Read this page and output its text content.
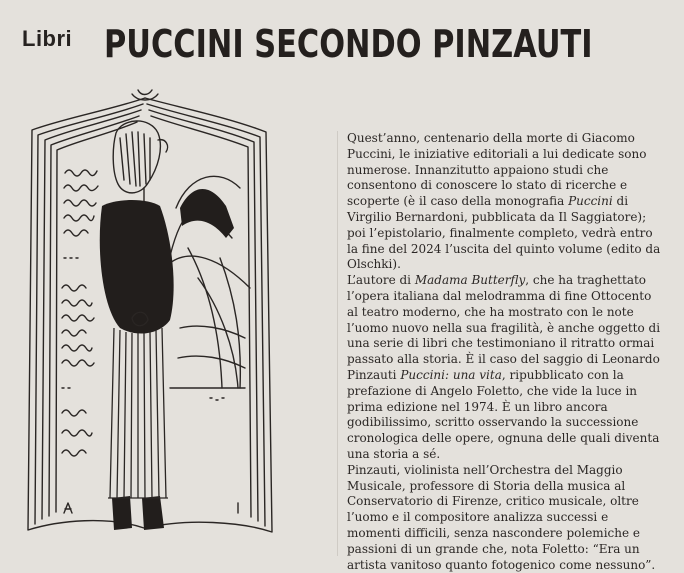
Libri PUCCINI SECONDO PINZAUTI

Quest’anno, centenario della morte di Giacomo Puccini, le iniziative editoriali a lui dedicate sono numerose. Innanzitutto appaiono studi che consentono di conoscere lo stato di ricerche e scoperte (è il caso della monografia Puccini di Virgilio Bernardoni, pubblicata da Il Saggiatore); poi l’epistolario, finalmente completo, vedrà entro la fine del 2024 l’uscita del quinto volume (edito da Olschki).

L’autore di Madama Butterfly, che ha traghettato l’opera italiana dal melodramma di fine Ottocento al teatro moderno, che ha mostrato con le note l’uomo nuovo nella sua fragilità, è anche oggetto di una serie di libri che testimoniano il ritratto ormai passato alla storia. È il caso del saggio di Leonardo Pinzauti Puccini: una vita, ripubblicato con la prefazione di Angelo Foletto, che vide la luce in prima edizione nel 1974. È un libro ancora godibilissimo, scritto osservando la successione cronologica delle opere, ognuna delle quali diventa una storia a sé.

Pinzauti, violinista nell’Orchestra del Maggio Musicale, professore di Storia della musica al Conservatorio di Firenze, critico musicale, oltre l’uomo e il compositore analizza successi e momenti difficili, senza nascondere polemiche e passioni di un grande che, nota Foletto: “Era un artista vanitoso quanto fotogenico come nessuno”.
